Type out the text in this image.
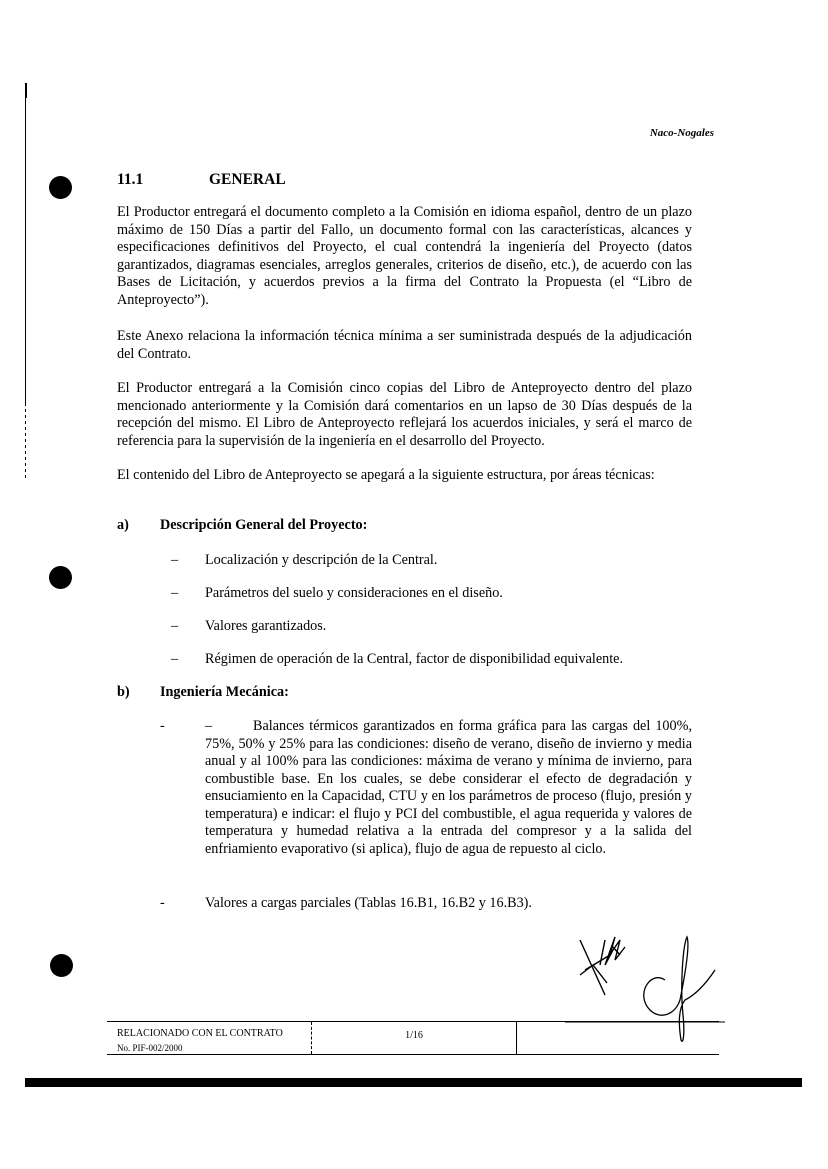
Naco-Nogales
11.1	GENERAL
El Productor entregará el documento completo a la Comisión en idioma español, dentro de un plazo máximo de 150 Días a partir del Fallo, un documento formal con las características, alcances y especificaciones definitivos del Proyecto, el cual contendrá la ingeniería del Proyecto (datos garantizados, diagramas esenciales, arreglos generales, criterios de diseño, etc.), de acuerdo con las Bases de Licitación, y acuerdos previos a la firma del Contrato la Propuesta (el “Libro de Anteproyecto”).
Este Anexo relaciona la información técnica mínima a ser suministrada después de la adjudicación del Contrato.
El Productor entregará a la Comisión cinco copias del Libro de Anteproyecto dentro del plazo mencionado anteriormente y la Comisión dará comentarios en un lapso de 30 Días después de la recepción del mismo. El Libro de Anteproyecto reflejará los acuerdos iniciales, y será el marco de referencia para la supervisión de la ingeniería en el desarrollo del Proyecto.
El contenido del Libro de Anteproyecto se apegará a la siguiente estructura, por áreas técnicas:
a) Descripción General del Proyecto:
– Localización y descripción de la Central.
– Parámetros del suelo y consideraciones en el diseño.
– Valores garantizados.
– Régimen de operación de la Central, factor de disponibilidad equivalente.
b) Ingeniería Mecánica:
-	–	Balances térmicos garantizados en forma gráfica para las cargas del 100%, 75%, 50% y 25% para las condiciones: diseño de verano, diseño de invierno y media anual y al 100% para las condiciones: máxima de verano y mínima de invierno, para combustible base. En los cuales, se debe considerar el efecto de degradación y ensuciamiento en la Capacidad, CTU y en los parámetros de proceso (flujo, presión y temperatura) e indicar: el flujo y PCI del combustible, el agua requerida y valores de temperatura y humedad relativa a la entrada del compresor y a la salida del enfriamiento evaporativo (si aplica), flujo de agua de repuesto al ciclo.
-	Valores a cargas parciales (Tablas 16.B1, 16.B2 y 16.B3).
RELACIONADO CON EL CONTRATO
No. PIF-002/2000
1/16
